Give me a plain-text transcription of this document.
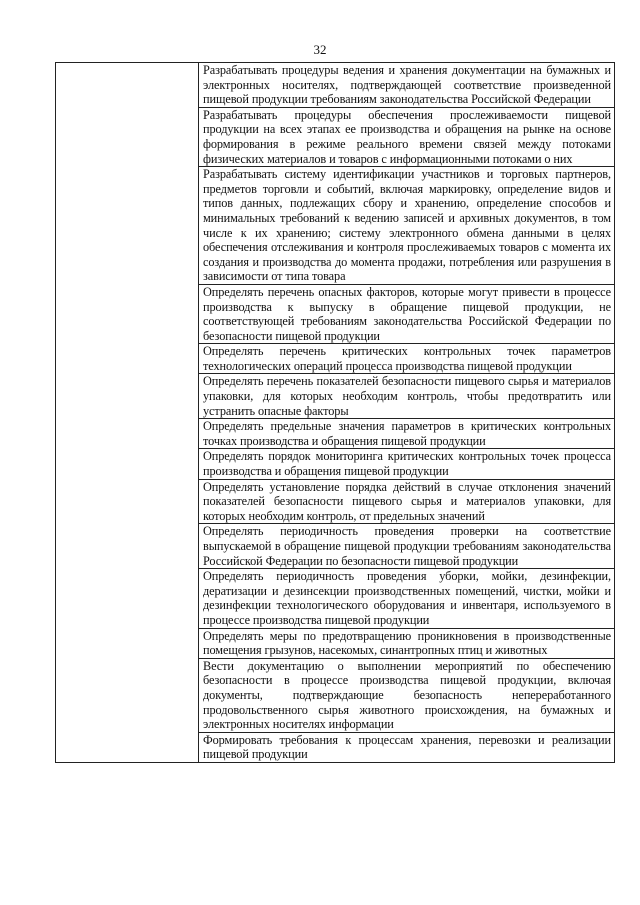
32

Разрабатывать процедуры ведения и хранения документации на бумажных и электронных носителях, подтверждающей соответствие произведенной пищевой продукции требованиям законодательства Российской Федерации

Разрабатывать процедуры обеспечения прослеживаемости пищевой продукции на всех этапах ее производства и обращения на рынке на основе формирования в режиме реального времени связей между потоками физических материалов и товаров с информационными потоками о них

Разрабатывать систему идентификации участников и торговых партнеров, предметов торговли и событий, включая маркировку, определение видов и типов данных, подлежащих сбору и хранению, определение способов и минимальных требований к ведению записей и архивных документов, в том числе к их хранению; систему электронного обмена данными в целях обеспечения отслеживания и контроля прослеживаемых товаров с момента их создания и производства до момента продажи, потребления или разрушения в зависимости от типа товара

Определять перечень опасных факторов, которые могут привести в процессе производства к выпуску в обращение пищевой продукции, не соответствующей требованиям законодательства Российской Федерации по безопасности пищевой продукции

Определять перечень критических контрольных точек параметров технологических операций процесса производства пищевой продукции

Определять перечень показателей безопасности пищевого сырья и материалов упаковки, для которых необходим контроль, чтобы предотвратить или устранить опасные факторы

Определять предельные значения параметров в критических контрольных точках производства и обращения пищевой продукции

Определять порядок мониторинга критических контрольных точек процесса производства и обращения пищевой продукции

Определять установление порядка действий в случае отклонения значений показателей безопасности пищевого сырья и материалов упаковки, для которых необходим контроль, от предельных значений

Определять периодичность проведения проверки на соответствие выпускаемой в обращение пищевой продукции требованиям законодательства Российской Федерации по безопасности пищевой продукции

Определять периодичность проведения уборки, мойки, дезинфекции, дератизации и дезинсекции производственных помещений, чистки, мойки и дезинфекции технологического оборудования и инвентаря, используемого в процессе производства пищевой продукции

Определять меры по предотвращению проникновения в производственные помещения грызунов, насекомых, синантропных птиц и животных

Вести документацию о выполнении мероприятий по обеспечению безопасности в процессе производства пищевой продукции, включая документы, подтверждающие безопасность непереработанного продовольственного сырья животного происхождения, на бумажных и электронных носителях информации

Формировать требования к процессам хранения, перевозки и реализации пищевой продукции
